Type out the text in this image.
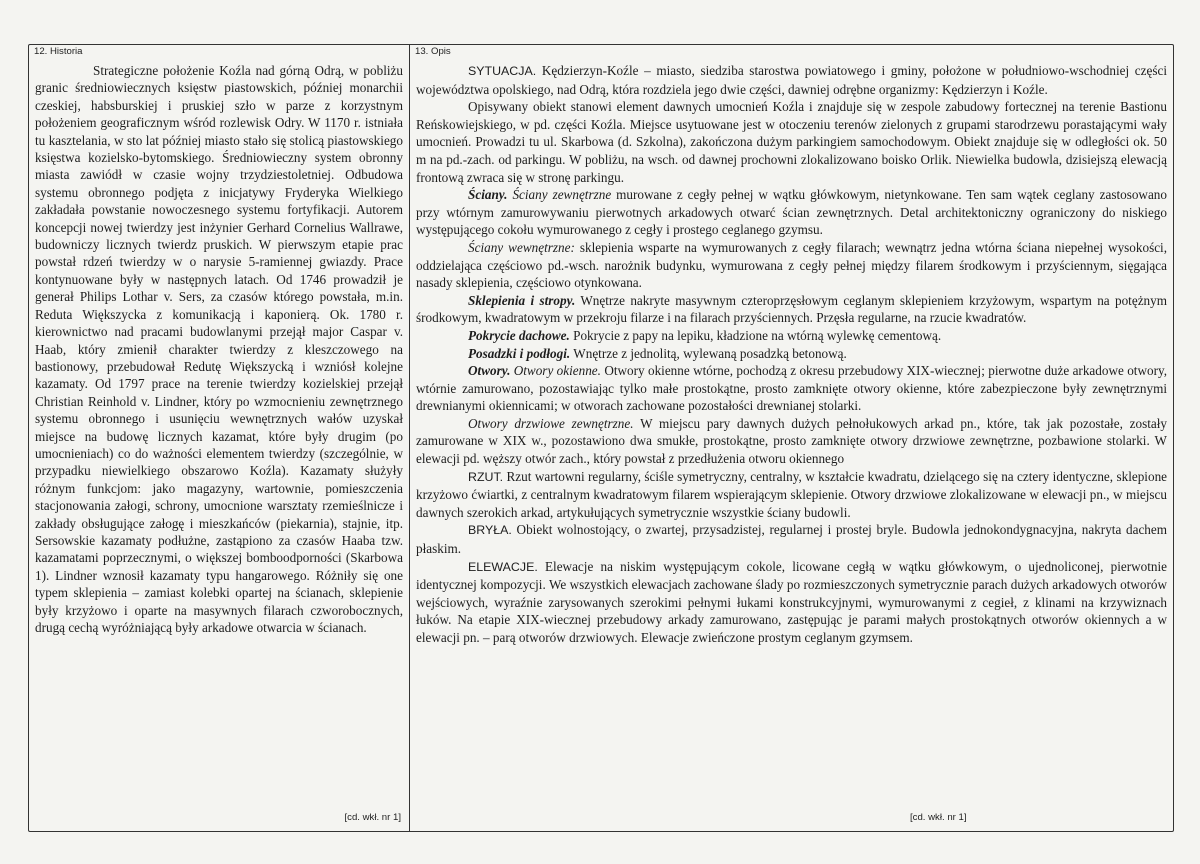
12. Historia

Strategiczne położenie Koźla nad górną Odrą, w pobliżu granic średniowiecznych księstw piastowskich, później monarchii czeskiej, habsburskiej i pruskiej szło w parze z korzystnym położeniem geograficznym wśród rozlewisk Odry. W 1170 r. istniała tu kasztelania, w sto lat później miasto stało się stolicą piastowskiego księstwa kozielsko-bytomskiego. Średniowieczny system obronny miasta zawiódł w czasie wojny trzydziestoletniej. Odbudowa systemu obronnego podjęta z inicjatywy Fryderyka Wielkiego zakładała powstanie nowoczesnego systemu fortyfikacji. Autorem koncepcji nowej twierdzy jest inżynier Gerhard Cornelius Wallrawe, budowniczy licznych twierdz pruskich. W pierwszym etapie prac powstał rdzeń twierdzy w o narysie 5-ramiennej gwiazdy. Prace kontynuowane były w następnych latach. Od 1746 prowadził je generał Philips Lothar v. Sers, za czasów którego powstała, m.in. Reduta Większycka z komunikacją i kaponierą. Ok. 1780 r. kierownictwo nad pracami budowlanymi przejął major Caspar v. Haab, który zmienił charakter twierdzy z kleszczowego na bastionowy, przebudował Redutę Większycką i wzniósł kolejne kazamaty. Od 1797 prace na terenie twierdzy kozielskiej przejął Christian Reinhold v. Lindner, który po wzmocnieniu zewnętrznego systemu obronnego i usunięciu wewnętrznych wałów uzyskał miejsce na budowę licznych kazamat, które były drugim (po umocnieniach) co do ważności elementem twierdzy (szczególnie, w przypadku niewielkiego obszarowo Koźla). Kazamaty służyły różnym funkcjom: jako magazyny, wartownie, pomieszczenia stacjonowania załogi, schrony, umocnione warsztaty rzemieślnicze i zakłady obsługujące załogę i mieszkańców (piekarnia), stajnie, itp. Sersowskie kazamaty podłużne, zastąpiono za czasów Haaba tzw. kazamatami poprzecznymi, o większej bomboodporności (Skarbowa 1). Lindner wznosił kazamaty typu hangarowego. Różniły się one typem sklepienia – zamiast kolebki opartej na ścianach, sklepienie były krzyżowo i oparte na masywnych filarach czworobocznych, drugą cechą wyróżniającą były arkadowe otwarcia w ścianach.

[cd. wkł. nr 1]
13. Opis

SYTUACJA. Kędzierzyn-Koźle – miasto, siedziba starostwa powiatowego i gminy, położone w południowo-wschodniej części województwa opolskiego, nad Odrą, która rozdziela jego dwie części, dawniej odrębne organizmy: Kędzierzyn i Koźle.

Opisywany obiekt stanowi element dawnych umocnień Koźla i znajduje się w zespole zabudowy fortecznej na terenie Bastionu Reńskowiejskiego, w pd. części Koźla. Miejsce usytuowane jest w otoczeniu terenów zielonych z grupami starodrzewu porastającymi wały umocnień. Prowadzi tu ul. Skarbowa (d. Szkolna), zakończona dużym parkingiem samochodowym. Obiekt znajduje się w odległości ok. 50 m na pd.-zach. od parkingu. W pobliżu, na wsch. od dawnej prochowni zlokalizowano boisko Orlik. Niewielka budowla, dzisiejszą elewacją frontową zwraca się w stronę parkingu.

Ściany. Ściany zewnętrzne murowane z cegły pełnej w wątku główkowym, nietynkowane. Ten sam wątek ceglany zastosowano przy wtórnym zamurowywaniu pierwotnych arkadowych otwarć ścian zewnętrznych. Detal architektoniczny ograniczony do niskiego występującego cokołu wymurowanego z cegły i prostego ceglanego gzymsu.

Ściany wewnętrzne: sklepienia wsparte na wymurowanych z cegły filarach; wewnątrz jedna wtórna ściana niepełnej wysokości, oddzielająca częściowo pd.-wsch. narożnik budynku, wymurowana z cegły pełnej między filarem środkowym i przyściennym, sięgająca nasady sklepienia, częściowo otynkowana.

Sklepienia i stropy. Wnętrze nakryte masywnym czteroprzęsłowym ceglanym sklepieniem krzyżowym, wspartym na potężnym środkowym, kwadratowym w przekroju filarze i na filarach przyściennych. Przęsła regularne, na rzucie kwadratów.

Pokrycie dachowe. Pokrycie z papy na lepiku, kładzione na wtórną wylewkę cementową.

Posadzki i podłogi. Wnętrze z jednolitą, wylewaną posadzką betonową.

Otwory. Otwory okienne. Otwory okienne wtórne, pochodzą z okresu przebudowy XIX-wiecznej; pierwotne duże arkadowe otwory, wtórnie zamurowano, pozostawiając tylko małe prostokątne, prosto zamknięte otwory okienne, które zabezpieczone były zewnętrznymi drewnianymi okiennicami; w otworach zachowane pozostałości drewnianej stolarki.

Otwory drzwiowe zewnętrzne. W miejscu pary dawnych dużych pełnołukowych arkad pn., które, tak jak pozostałe, zostały zamurowane w XIX w., pozostawiono dwa smukłe, prostokątne, prosto zamknięte otwory drzwiowe zewnętrzne, pozbawione stolarki. W elewacji pd. węższy otwór zach., który powstał z przedłużenia otworu okiennego

RZUT. Rzut wartowni regularny, ściśle symetryczny, centralny, w kształcie kwadratu, dzielącego się na cztery identyczne, sklepione krzyżowo ćwiartki, z centralnym kwadratowym filarem wspierającym sklepienie. Otwory drzwiowe zlokalizowane w elewacji pn., w miejscu dawnych szerokich arkad, artykułujących symetrycznie wszystkie ściany budowli.

BRYŁA. Obiekt wolnostojący, o zwartej, przysadzistej, regularnej i prostej bryle. Budowla jednokondygnacyjna, nakryta dachem płaskim.

ELEWACJE. Elewacje na niskim występującym cokole, licowane cegłą w wątku główkowym, o ujednoliconej, pierwotnie identycznej kompozycji. We wszystkich elewacjach zachowane ślady po rozmieszczonych symetrycznie parach dużych arkadowych otworów wejściowych, wyraźnie zarysowanych szerokimi pełnymi łukami konstrukcyjnymi, wymurowanymi z cegieł, z klinami na krzywiznach łuków. Na etapie XIX-wiecznej przebudowy arkady zamurowano, zastępując je parami małych prostokątnych otworów okiennych a w elewacji pn. – parą otworów drzwiowych. Elewacje zwieńczone prostym ceglanym gzymsem.

[cd. wkł. nr 1]
